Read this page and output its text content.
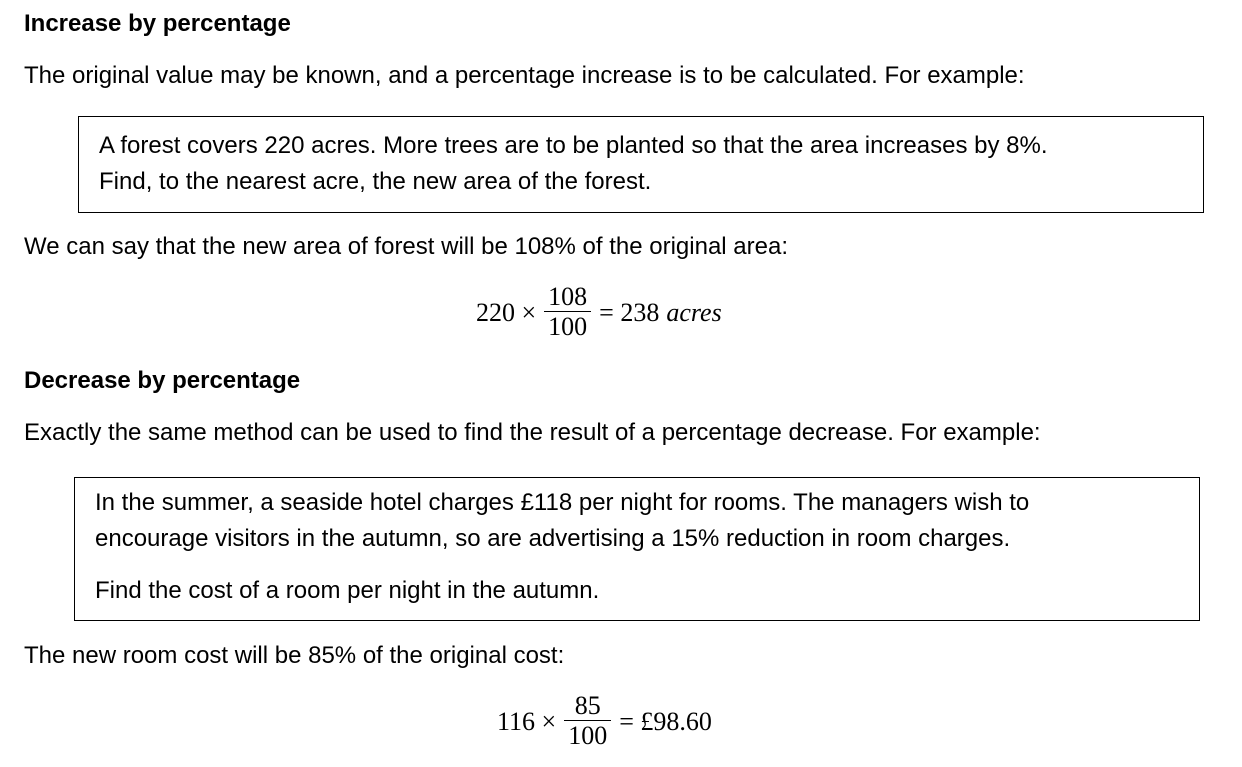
Increase by percentage

The original value may be known, and a percentage increase is to be calculated. For example:

A forest covers 220 acres. More trees are to be planted so that the area increases by 8%.

Find, to the nearest acre, the new area of the forest.

We can say that the new area of forest will be 108% of the original area:

$220 \times \frac{108}{100} = 238$ acres
Decrease by percentage

Exactly the same method can be used to find the result of a percentage decrease. For example:

In the summer, a seaside hotel charges £118 per night for rooms. The managers wish to

encourage visitors in the autumn, so are advertising a 15% reduction in room charges.

Find the cost of a room per night in the autumn.

The new room cost will be 85% of the original cost:

$116 \times \frac{85}{100}$ = £98.60
